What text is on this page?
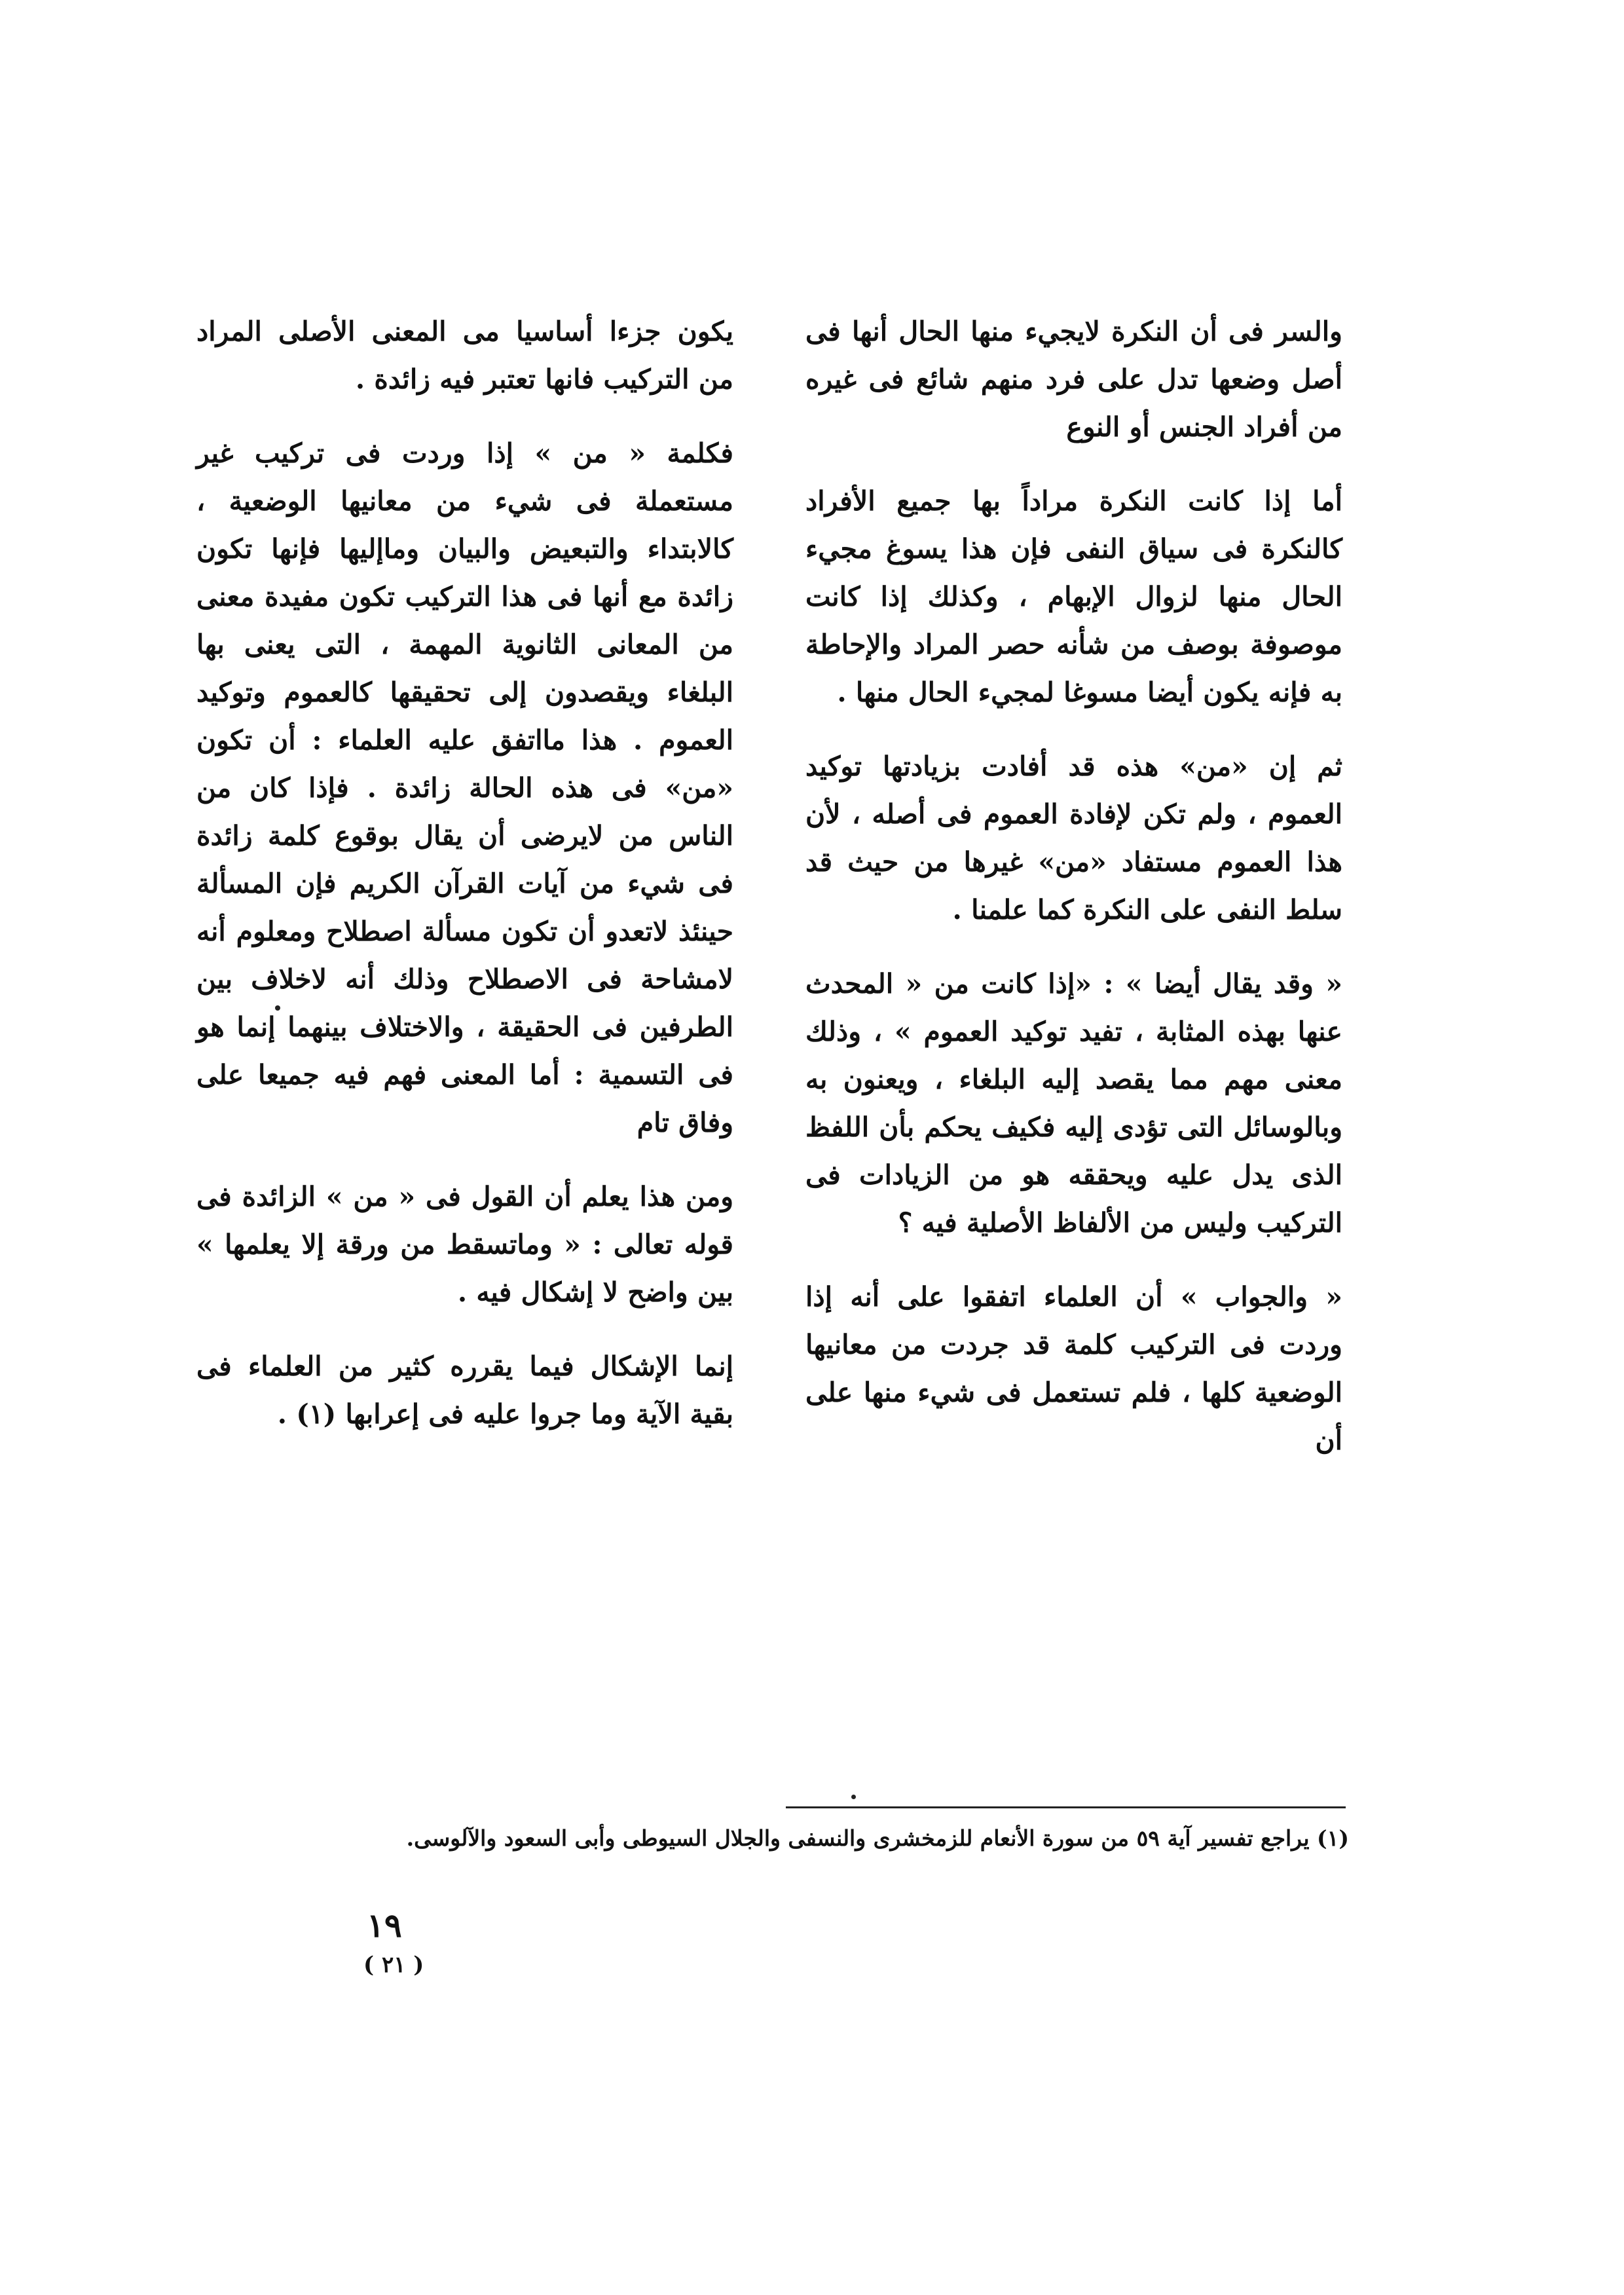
والسر فى أن النكرة لايجيء منها الحال أنها فى أصل وضعها تدل على فرد منهم شائع فى غيره من أفراد الجنس أو النوع

أما إذا كانت النكرة مراداً بها جميع الأفراد كالنكرة فى سياق النفى فإن هذا يسوغ مجيء الحال منها لزوال الإبهام ، وكذلك إذا كانت موصوفة بوصف من شأنه حصر المراد والإحاطة به فإنه يكون أيضا مسوغا لمجيء الحال منها .

ثم إن «من» هذه قد أفادت بزيادتها توكيد العموم ، ولم تكن لإفادة العموم فى أصله ، لأن هذا العموم مستفاد «من» غيرها من حيث قد سلط النفى على النكرة كما علمنا .

« وقد يقال أيضا » : «إذا كانت من « المحدث عنها بهذه المثابة ، تفيد توكيد العموم » ، وذلك معنى مهم مما يقصد إليه البلغاء ، ويعنون به وبالوسائل التى تؤدى إليه فكيف يحكم بأن اللفظ الذى يدل عليه ويحققه هو من الزيادات فى التركيب وليس من الألفاظ الأصلية فيه ؟

« والجواب » أن العلماء اتفقوا على أنه إذا وردت فى التركيب كلمة قد جردت من معانيها الوضعية كلها ، فلم تستعمل فى شيء منها على أن

يكون جزءا أساسيا مى المعنى الأصلى المراد من التركيب فانها تعتبر فيه زائدة .

فكلمة « من » إذا وردت فى تركيب غير مستعملة فى شيء من معانيها الوضعية ، كالابتداء والتبعيض والبيان وماإليها فإنها تكون زائدة مع أنها فى هذا التركيب تكون مفيدة معنى من المعانى الثانوية المهمة ، التى يعنى بها البلغاء ويقصدون إلى تحقيقها كالعموم وتوكيد العموم . هذا مااتفق عليه العلماء : أن تكون «من» فى هذه الحالة زائدة . فإذا كان من الناس من لايرضى أن يقال بوقوع كلمة زائدة فى شيء من آيات القرآن الكريم فإن المسألة حينئذ لاتعدو أن تكون مسألة اصطلاح ومعلوم أنه لامشاحة فى الاصطلاح وذلك أنه لاخلاف بين الطرفين فى الحقيقة ، والاختلاف بينهما إنما هو فى التسمية : أما المعنى فهم فيه جميعا على وفاق تام

ومن هذا يعلم أن القول فى « من » الزائدة فى قوله تعالى : « وماتسقط من ورقة إلا يعلمها » بين واضح لا إشكال فيه .

إنما الإشكال فيما يقرره كثير من العلماء فى بقية الآية وما جروا عليه فى إعرابها (١) .

(١) يراجع تفسير آية ٥٩ من سورة الأنعام للزمخشرى والنسفى والجلال السيوطى وأبى السعود والآلوسى.
١٩
( ٢١ )
